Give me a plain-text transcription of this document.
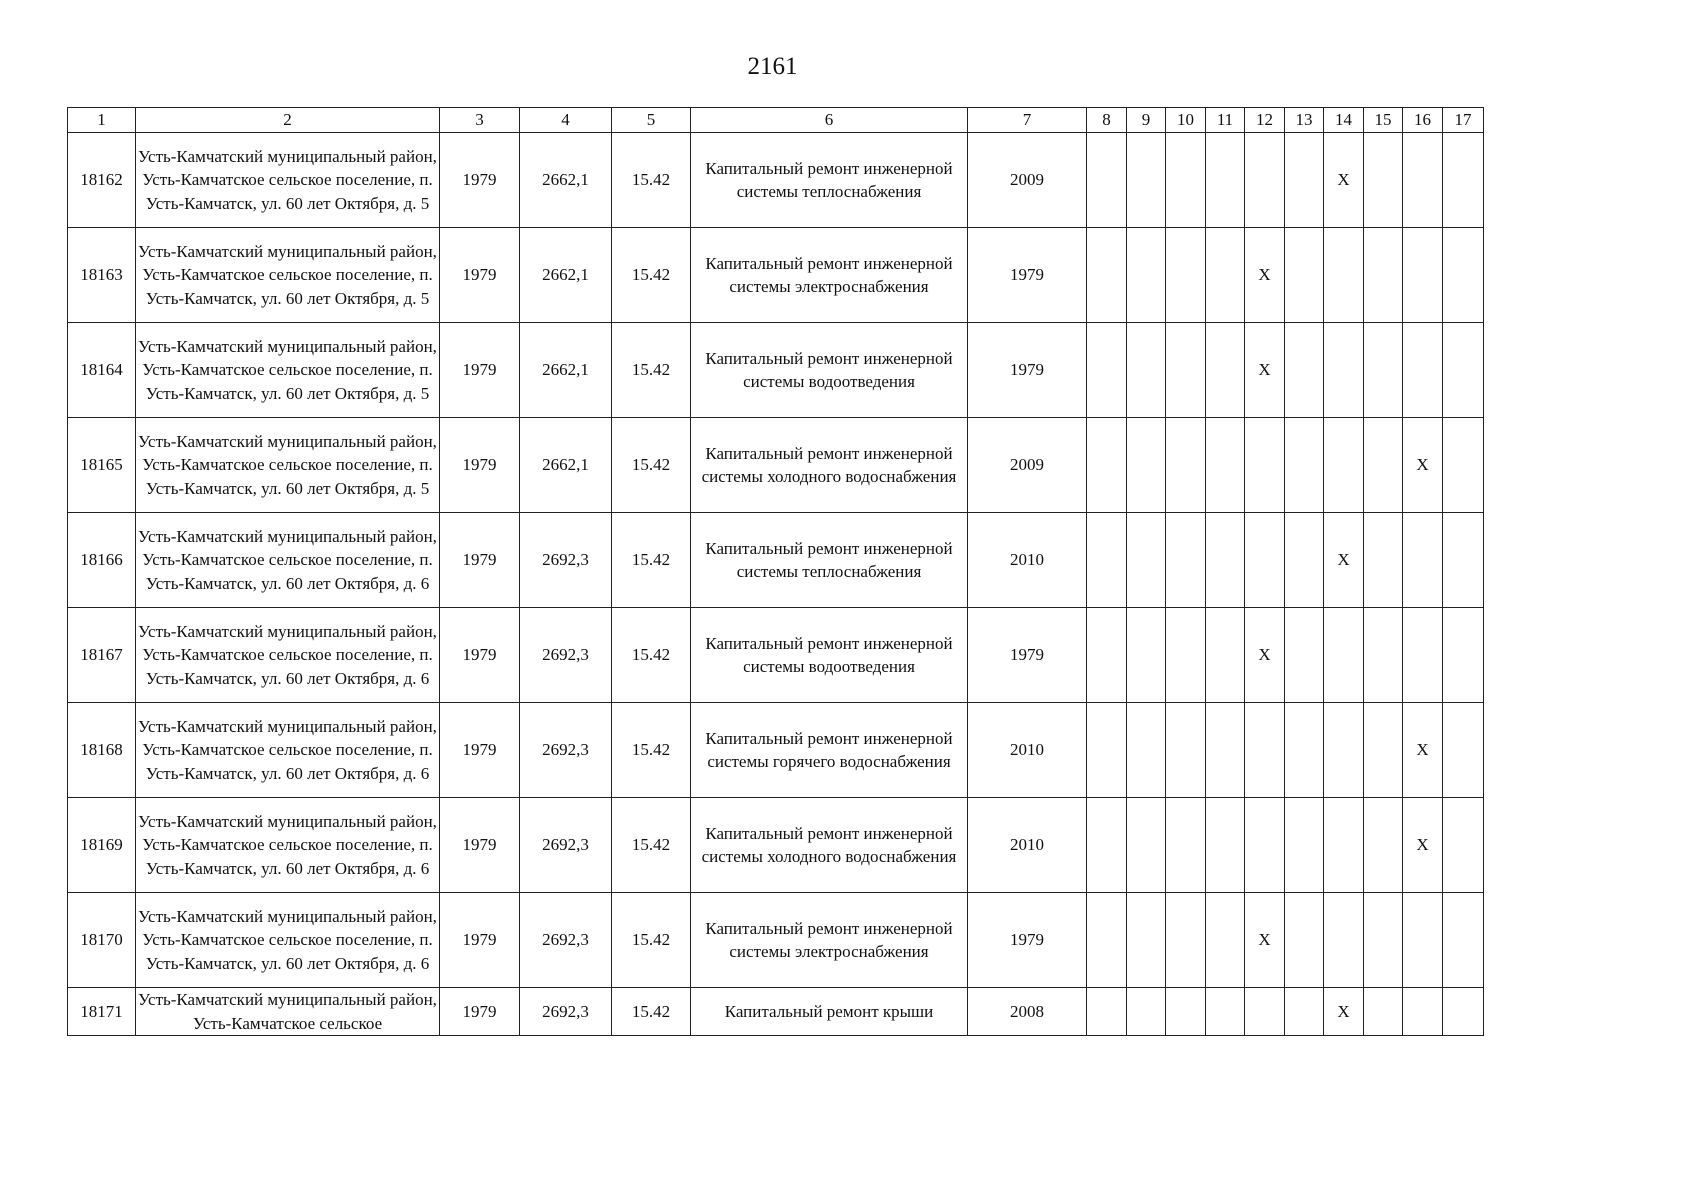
2161
1	2	3	4	5	6	7	8	9	10	11	12	13	14	15	16	17
18162	Усть-Камчатский муниципальный район, Усть-Камчатское сельское поселение, п. Усть-Камчатск, ул. 60 лет Октября, д. 5	1979	2662,1	15.42	Капитальный ремонт инженерной системы теплоснабжения	2009							X			
18163	Усть-Камчатский муниципальный район, Усть-Камчатское сельское поселение, п. Усть-Камчатск, ул. 60 лет Октября, д. 5	1979	2662,1	15.42	Капитальный ремонт инженерной системы электроснабжения	1979					X					
18164	Усть-Камчатский муниципальный район, Усть-Камчатское сельское поселение, п. Усть-Камчатск, ул. 60 лет Октября, д. 5	1979	2662,1	15.42	Капитальный ремонт инженерной системы водоотведения	1979					X					
18165	Усть-Камчатский муниципальный район, Усть-Камчатское сельское поселение, п. Усть-Камчатск, ул. 60 лет Октября, д. 5	1979	2662,1	15.42	Капитальный ремонт инженерной системы холодного водоснабжения	2009									X	
18166	Усть-Камчатский муниципальный район, Усть-Камчатское сельское поселение, п. Усть-Камчатск, ул. 60 лет Октября, д. 6	1979	2692,3	15.42	Капитальный ремонт инженерной системы теплоснабжения	2010							X			
18167	Усть-Камчатский муниципальный район, Усть-Камчатское сельское поселение, п. Усть-Камчатск, ул. 60 лет Октября, д. 6	1979	2692,3	15.42	Капитальный ремонт инженерной системы водоотведения	1979					X					
18168	Усть-Камчатский муниципальный район, Усть-Камчатское сельское поселение, п. Усть-Камчатск, ул. 60 лет Октября, д. 6	1979	2692,3	15.42	Капитальный ремонт инженерной системы горячего водоснабжения	2010									X	
18169	Усть-Камчатский муниципальный район, Усть-Камчатское сельское поселение, п. Усть-Камчатск, ул. 60 лет Октября, д. 6	1979	2692,3	15.42	Капитальный ремонт инженерной системы холодного водоснабжения	2010									X	
18170	Усть-Камчатский муниципальный район, Усть-Камчатское сельское поселение, п. Усть-Камчатск, ул. 60 лет Октября, д. 6	1979	2692,3	15.42	Капитальный ремонт инженерной системы электроснабжения	1979					X					
18171	Усть-Камчатский муниципальный район, Усть-Камчатское сельское	1979	2692,3	15.42	Капитальный ремонт крыши	2008							X			
